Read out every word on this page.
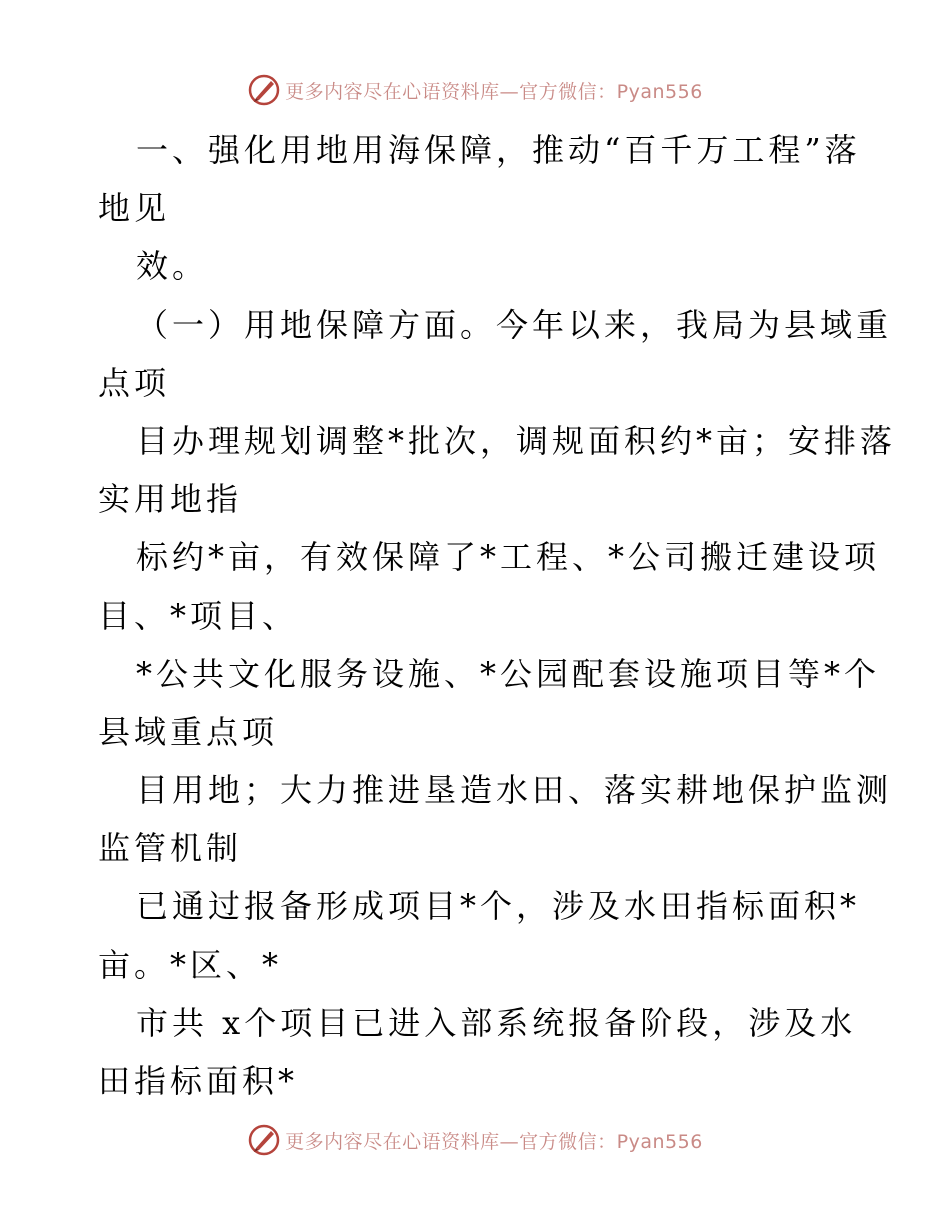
更多内容尽在心语资料库—官方微信：Pyan556
一、强化用地用海保障，推动“百千万工程”落
地见
效。
（一）用地保障方面。今年以来，我局为县域重
点项
目办理规划调整*批次，调规面积约*亩；安排落
实用地指
标约*亩，有效保障了*工程、*公司搬迁建设项
目、*项目、
*公共文化服务设施、*公园配套设施项目等*个
县域重点项
目用地；大力推进垦造水田、落实耕地保护监测
监管机制
已通过报备形成项目*个，涉及水田指标面积*
亩。*区、*
市共 x个项目已进入部系统报备阶段，涉及水
田指标面积*
更多内容尽在心语资料库—官方微信：Pyan556
